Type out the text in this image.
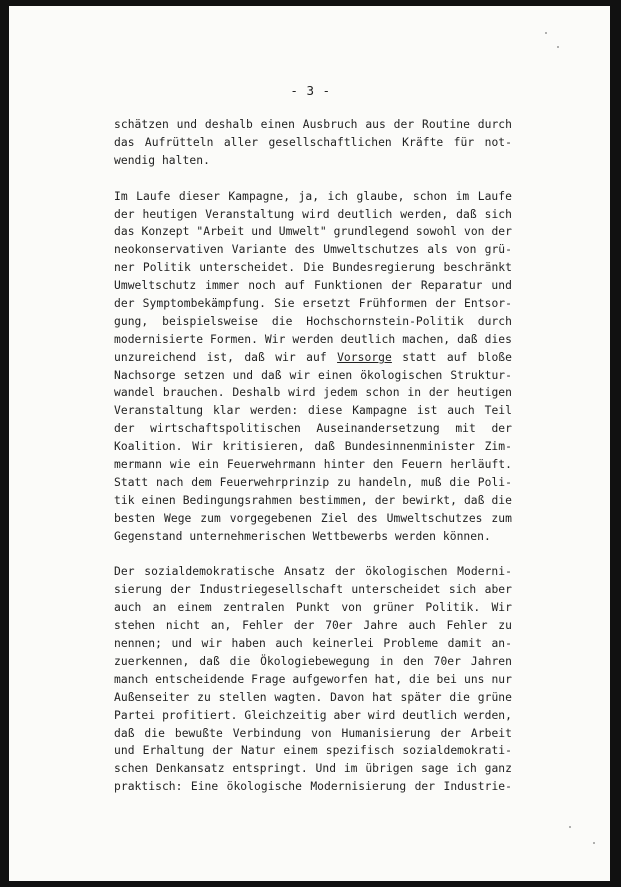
- 3 -
schätzen und deshalb einen Ausbruch aus der Routine durch
das Aufrütteln aller gesellschaftlichen Kräfte für not-
wendig halten.
Im Laufe dieser Kampagne, ja, ich glaube, schon im Laufe
der heutigen Veranstaltung wird deutlich werden, daß sich
das Konzept "Arbeit und Umwelt" grundlegend sowohl von der
neokonservativen Variante des Umweltschutzes als von grü-
ner Politik unterscheidet. Die Bundesregierung beschränkt
Umweltschutz immer noch auf Funktionen der Reparatur und
der Symptombekämpfung. Sie ersetzt Frühformen der Entsor-
gung, beispielsweise die Hochschornstein-Politik durch
modernisierte Formen. Wir werden deutlich machen, daß dies
unzureichend ist, daß wir auf Vorsorge statt auf bloße
Nachsorge setzen und daß wir einen ökologischen Struktur-
wandel brauchen. Deshalb wird jedem schon in der heutigen
Veranstaltung klar werden: diese Kampagne ist auch Teil
der wirtschaftspolitischen Auseinandersetzung mit der
Koalition. Wir kritisieren, daß Bundesinnenminister Zim-
mermann wie ein Feuerwehrmann hinter den Feuern herläuft.
Statt nach dem Feuerwehrprinzip zu handeln, muß die Poli-
tik einen Bedingungsrahmen bestimmen, der bewirkt, daß die
besten Wege zum vorgegebenen Ziel des Umweltschutzes zum
Gegenstand unternehmerischen Wettbewerbs werden können.
Der sozialdemokratische Ansatz der ökologischen Moderni-
sierung der Industriegesellschaft unterscheidet sich aber
auch an einem zentralen Punkt von grüner Politik. Wir
stehen nicht an, Fehler der 70er Jahre auch Fehler zu
nennen; und wir haben auch keinerlei Probleme damit an-
zuerkennen, daß die Ökologiebewegung in den 70er Jahren
manch entscheidende Frage aufgeworfen hat, die bei uns nur
Außenseiter zu stellen wagten. Davon hat später die grüne
Partei profitiert. Gleichzeitig aber wird deutlich werden,
daß die bewußte Verbindung von Humanisierung der Arbeit
und Erhaltung der Natur einem spezifisch sozialdemokrati-
schen Denkansatz entspringt. Und im übrigen sage ich ganz
praktisch: Eine ökologische Modernisierung der Industrie-
